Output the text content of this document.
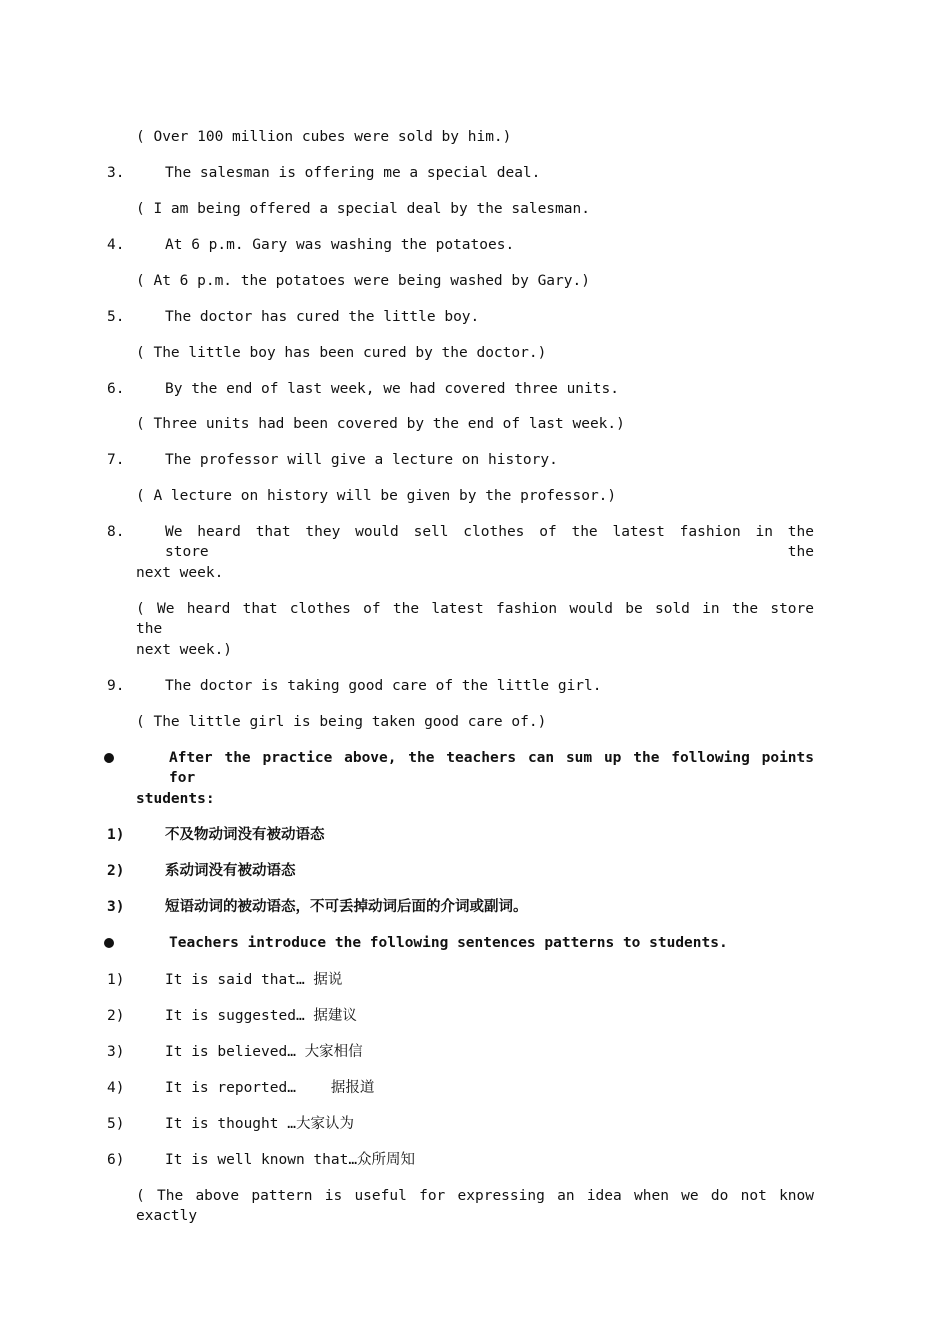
( Over 100 million cubes were sold by him.)
3.	The salesman is offering me a special deal.
( I am being offered a special deal by the salesman.
4.	At 6 p.m. Gary was washing the potatoes.
( At 6 p.m. the potatoes were being washed by Gary.)
5.	The doctor has cured the little boy.
( The little boy has been cured by the doctor.)
6.	By the end of last week, we had covered three units.
( Three units had been covered by the end of last week.)
7.	The professor will give a lecture on history.
( A lecture on history will be given by the professor.)
8.	We heard that they would sell clothes of the latest fashion in the store the
next week.
( We heard that clothes of the latest fashion would be sold in the store the
next week.)
9.	The doctor is taking good care of the little girl.
( The little girl is being taken good care of.)
After the practice above, the teachers can sum up the following points for
students:
1)	不及物动词没有被动语态
2)	系动词没有被动语态
3)	短语动词的被动语态，不可丢掉动词后面的介词或副词。
Teachers introduce the following sentences patterns to students.
1)	It is said that… 据说
2)	It is suggested… 据建议
3)	It is believed… 大家相信
4)	It is reported…    据报道
5)	It is thought …大家认为
6)	It is well known that…众所周知
( The above pattern is useful for expressing an idea when we do not know exactly
